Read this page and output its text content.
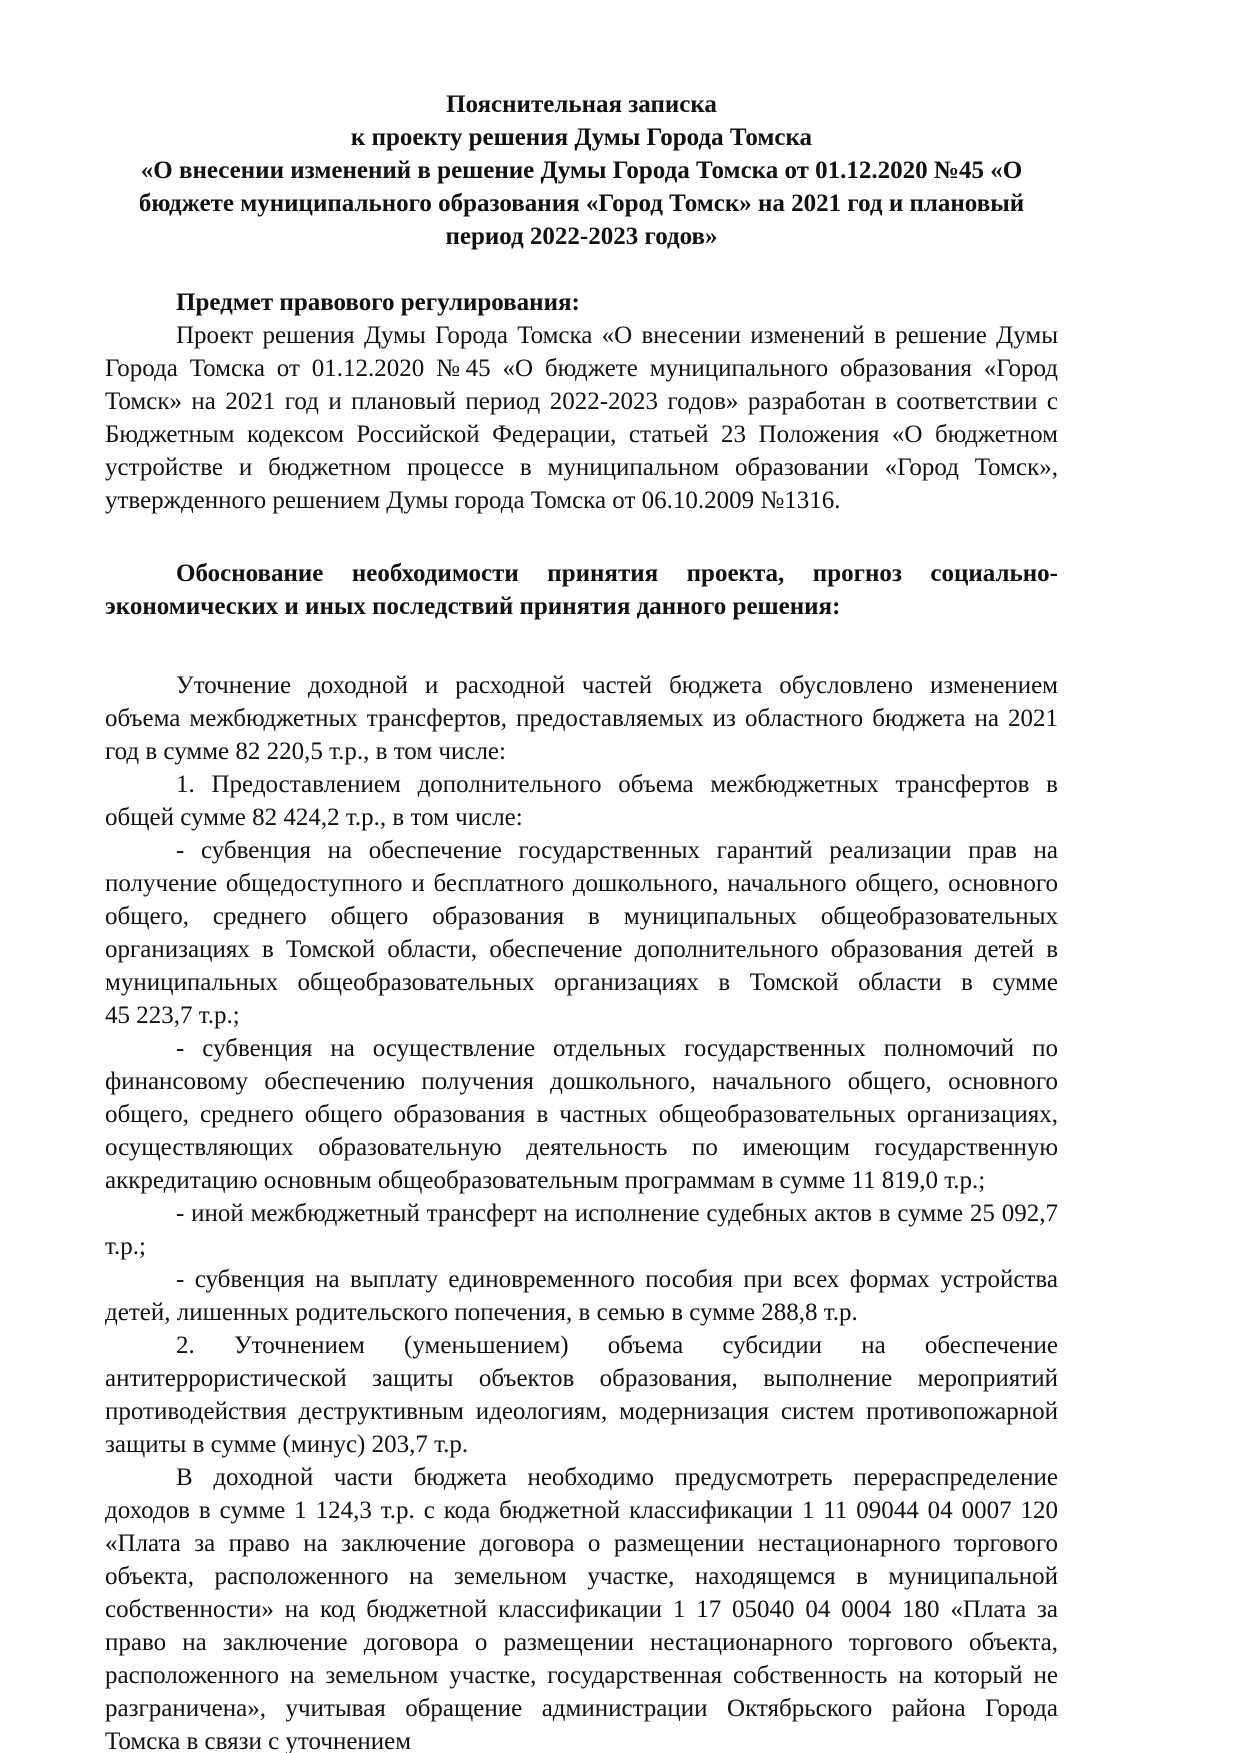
Пояснительная записка
к проекту решения Думы Города Томска
«О внесении изменений в решение Думы Города Томска от 01.12.2020 №45 «О бюджете муниципального образования «Город Томск» на 2021 год и плановый период 2022-2023 годов»

Предмет правового регулирования:

Проект решения Думы Города Томска «О внесении изменений в решение Думы Города Томска от 01.12.2020 №45 «О бюджете муниципального образования «Город Томск» на 2021 год и плановый период 2022-2023 годов» разработан в соответствии с Бюджетным кодексом Российской Федерации, статьей 23 Положения «О бюджетном устройстве и бюджетном процессе в муниципальном образовании «Город Томск», утвержденного решением Думы города Томска от 06.10.2009 №1316.

Обоснование необходимости принятия проекта, прогноз социально-экономических и иных последствий принятия данного решения:

Уточнение доходной и расходной частей бюджета обусловлено изменением объема межбюджетных трансфертов, предоставляемых из областного бюджета на 2021 год в сумме 82 220,5 т.р., в том числе:

1. Предоставлением дополнительного объема межбюджетных трансфертов в общей сумме 82 424,2 т.р., в том числе:

- субвенция на обеспечение государственных гарантий реализации прав на получение общедоступного и бесплатного дошкольного, начального общего, основного общего, среднего общего образования в муниципальных общеобразовательных организациях в Томской области, обеспечение дополнительного образования детей в муниципальных общеобразовательных организациях в Томской области в сумме 45 223,7 т.р.;

- субвенция на осуществление отдельных государственных полномочий по финансовому обеспечению получения дошкольного, начального общего, основного общего, среднего общего образования в частных общеобразовательных организациях, осуществляющих образовательную деятельность по имеющим государственную аккредитацию основным общеобразовательным программам в сумме 11 819,0 т.р.;

- иной межбюджетный трансферт на исполнение судебных актов в сумме 25 092,7 т.р.;

- субвенция на выплату единовременного пособия при всех формах устройства детей, лишенных родительского попечения, в семью в сумме 288,8 т.р.

2. Уточнением (уменьшением) объема субсидии на обеспечение антитеррористической защиты объектов образования, выполнение мероприятий противодействия деструктивным идеологиям, модернизация систем противопожарной защиты в сумме (минус) 203,7 т.р.

В доходной части бюджета необходимо предусмотреть перераспределение доходов в сумме 1 124,3 т.р. с кода бюджетной классификации 1 11 09044 04 0007 120 «Плата за право на заключение договора о размещении нестационарного торгового объекта, расположенного на земельном участке, находящемся в муниципальной собственности» на код бюджетной классификации 1 17 05040 04 0004 180 «Плата за право на заключение договора о размещении нестационарного торгового объекта, расположенного на земельном участке, государственная собственность на который не разграничена», учитывая обращение администрации Октябрьского района Города Томска в связи с уточнением
